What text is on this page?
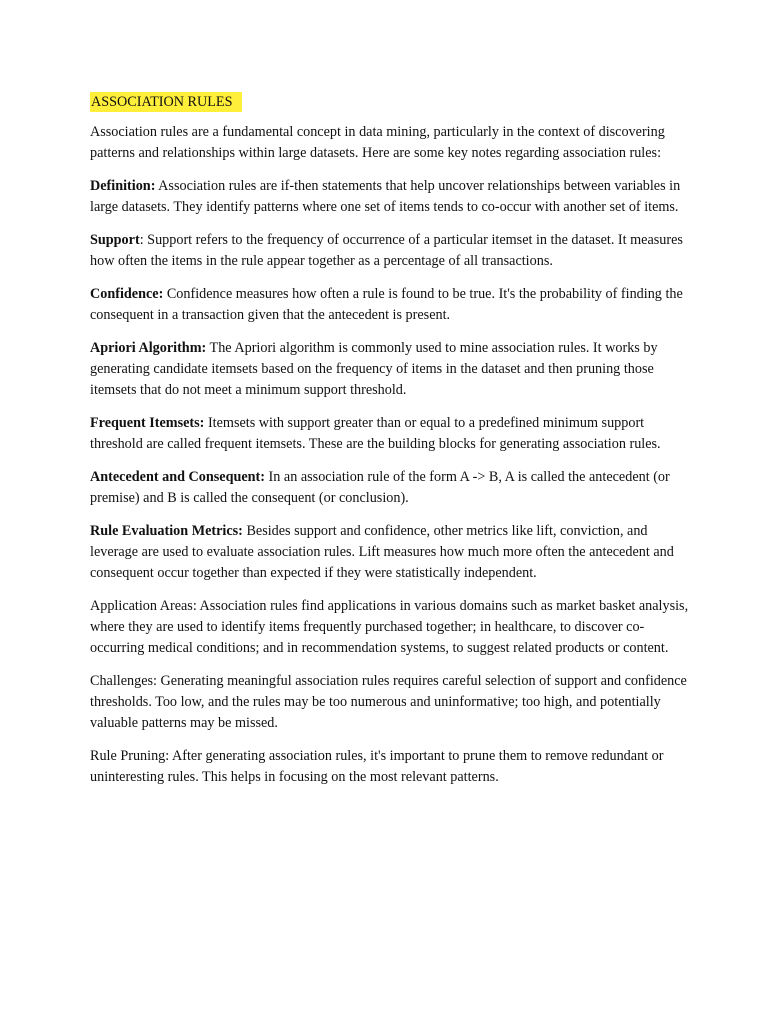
ASSOCIATION RULES

Association rules are a fundamental concept in data mining, particularly in the context of discovering patterns and relationships within large datasets. Here are some key notes regarding association rules:

Definition: Association rules are if-then statements that help uncover relationships between variables in large datasets. They identify patterns where one set of items tends to co-occur with another set of items.

Support: Support refers to the frequency of occurrence of a particular itemset in the dataset. It measures how often the items in the rule appear together as a percentage of all transactions.

Confidence: Confidence measures how often a rule is found to be true. It's the probability of finding the consequent in a transaction given that the antecedent is present.

Apriori Algorithm: The Apriori algorithm is commonly used to mine association rules. It works by generating candidate itemsets based on the frequency of items in the dataset and then pruning those itemsets that do not meet a minimum support threshold.

Frequent Itemsets: Itemsets with support greater than or equal to a predefined minimum support threshold are called frequent itemsets. These are the building blocks for generating association rules.

Antecedent and Consequent: In an association rule of the form A -> B, A is called the antecedent (or premise) and B is called the consequent (or conclusion).

Rule Evaluation Metrics: Besides support and confidence, other metrics like lift, conviction, and leverage are used to evaluate association rules. Lift measures how much more often the antecedent and consequent occur together than expected if they were statistically independent.

Application Areas: Association rules find applications in various domains such as market basket analysis, where they are used to identify items frequently purchased together; in healthcare, to discover co-occurring medical conditions; and in recommendation systems, to suggest related products or content.

Challenges: Generating meaningful association rules requires careful selection of support and confidence thresholds. Too low, and the rules may be too numerous and uninformative; too high, and potentially valuable patterns may be missed.

Rule Pruning: After generating association rules, it's important to prune them to remove redundant or uninteresting rules. This helps in focusing on the most relevant patterns.
